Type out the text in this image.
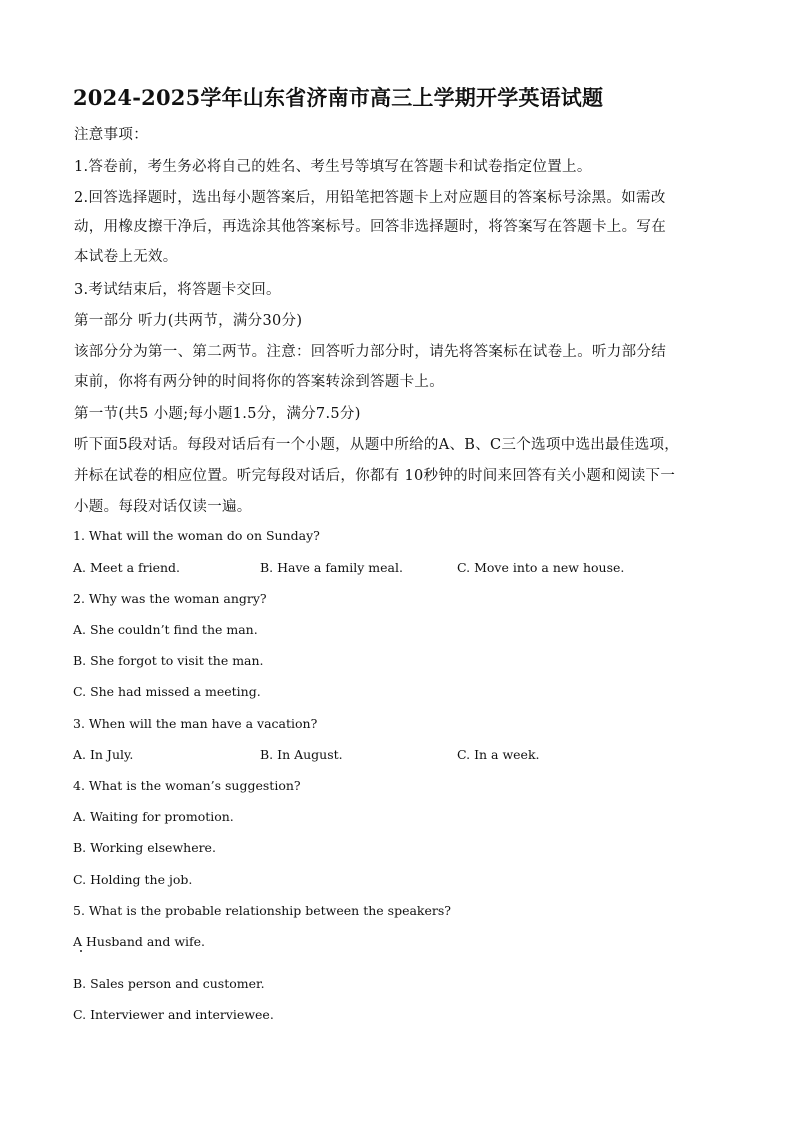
2024-2025学年山东省济南市高三上学期开学英语试题
注意事项：
1.答卷前，考生务必将自己的姓名、考生号等填写在答题卡和试卷指定位置上。
2.回答选择题时，选出每小题答案后，用铅笔把答题卡上对应题目的答案标号涂黑。如需改
动，用橡皮擦干净后，再选涂其他答案标号。回答非选择题时，将答案写在答题卡上。写在
本试卷上无效。
3.考试结束后，将答题卡交回。
第一部分 听力(共两节，满分30分)
该部分分为第一、第二两节。注意：回答听力部分时，请先将答案标在试卷上。听力部分结
束前，你将有两分钟的时间将你的答案转涂到答题卡上。
第一节(共5 小题;每小题1.5分，满分7.5分)
听下面5段对话。每段对话后有一个小题，从题中所给的A、B、C三个选项中选出最佳选项，
并标在试卷的相应位置。听完每段对话后，你都有 10秒钟的时间来回答有关小题和阅读下一
小题。每段对话仅读一遍。
1. What will the woman do on Sunday?
A. Meet a friend.	B. Have a family meal.	C. Move into a new house.
2. Why was the woman angry?
A. She couldn’t find the man.
B. She forgot to visit the man.
C. She had missed a meeting.
3. When will the man have a vacation?
A. In July.	B. In August.	C. In a week.
4. What is the woman’s suggestion?
A. Waiting for promotion.
B. Working elsewhere.
C. Holding the job.
5. What is the probable relationship between the speakers?
A Husband and wife.
B. Sales person and customer.
C. Interviewer and interviewee.
